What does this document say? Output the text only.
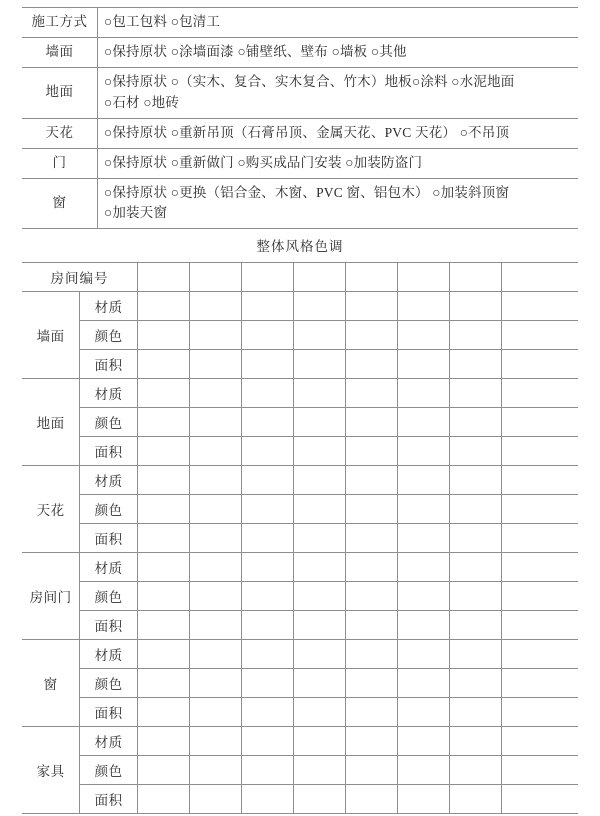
施工方式	○包工包料 ○包清工

墙面	○保持原状 ○涂墙面漆 ○铺壁纸、壁布 ○墙板 ○其他

地面	○保持原状 ○（实木、复合、实木复合、竹木）地板○涂料 ○水泥地面
○石材 ○地砖

天花	○保持原状 ○重新吊顶（石膏吊顶、金属天花、PVC 天花） ○不吊顶

门	○保持原状 ○重新做门 ○购买成品门安装 ○加装防盗门

窗	○保持原状 ○更换（铝合金、木窗、PVC 窗、铝包木） ○加装斜顶窗
○加装天窗
整体风格色调
房间编号									
墙面	材质								
	颜色								
	面积								
地面	材质								
	颜色								
	面积								
天花	材质								
	颜色								
	面积								
房间门	材质								
	颜色								
	面积								
窗	材质								
	颜色								
	面积								
家具	材质								
	颜色								
	面积								
